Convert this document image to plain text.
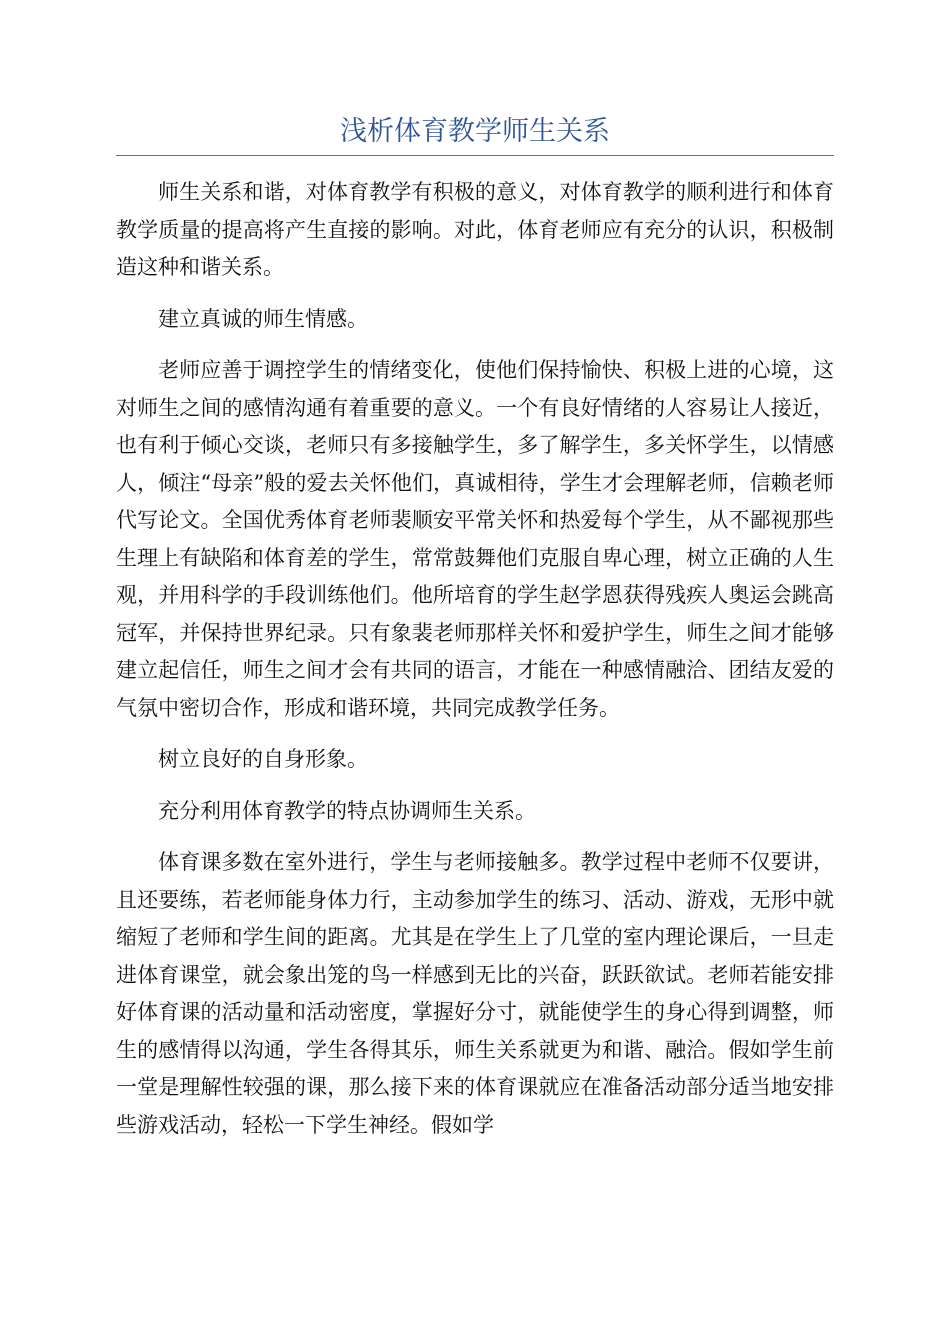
浅析体育教学师生关系

师生关系和谐，对体育教学有积极的意义，对体育教学的顺利进行和体育教学质量的提高将产生直接的影响。对此，体育老师应有充分的认识，积极制造这种和谐关系。

建立真诚的师生情感。

老师应善于调控学生的情绪变化，使他们保持愉快、积极上进的心境，这对师生之间的感情沟通有着重要的意义。一个有良好情绪的人容易让人接近，也有利于倾心交谈，老师只有多接触学生，多了解学生，多关怀学生，以情感人，倾注“母亲”般的爱去关怀他们，真诚相待，学生才会理解老师，信赖老师代写论文。全国优秀体育老师裴顺安平常关怀和热爱每个学生，从不鄙视那些生理上有缺陷和体育差的学生，常常鼓舞他们克服自卑心理，树立正确的人生观，并用科学的手段训练他们。他所培育的学生赵学恩获得残疾人奥运会跳高冠军，并保持世界纪录。只有象裴老师那样关怀和爱护学生，师生之间才能够建立起信任，师生之间才会有共同的语言，才能在一种感情融洽、团结友爱的气氛中密切合作，形成和谐环境，共同完成教学任务。

树立良好的自身形象。

充分利用体育教学的特点协调师生关系。

体育课多数在室外进行，学生与老师接触多。教学过程中老师不仅要讲，且还要练，若老师能身体力行，主动参加学生的练习、活动、游戏，无形中就缩短了老师和学生间的距离。尤其是在学生上了几堂的室内理论课后，一旦走进体育课堂，就会象出笼的鸟一样感到无比的兴奋，跃跃欲试。老师若能安排好体育课的活动量和活动密度，掌握好分寸，就能使学生的身心得到调整，师生的感情得以沟通，学生各得其乐，师生关系就更为和谐、融洽。假如学生前一堂是理解性较强的课，那么接下来的体育课就应在准备活动部分适当地安排些游戏活动，轻松一下学生神经。假如学
